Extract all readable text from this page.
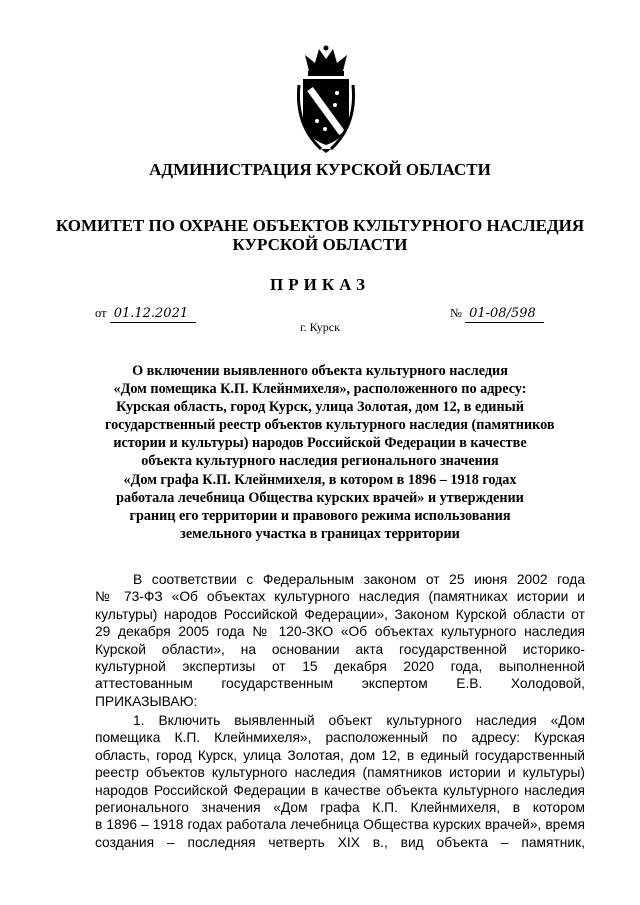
АДМИНИСТРАЦИЯ КУРСКОЙ ОБЛАСТИ
КОМИТЕТ ПО ОХРАНЕ ОБЪЕКТОВ КУЛЬТУРНОГО НАСЛЕДИЯ
КУРСКОЙ ОБЛАСТИ
ПРИКАЗ
от 01.12.2021	№ 01-08/598
г. Курск
О включении выявленного объекта культурного наследия
«Дом помещика К.П. Клейнмихеля», расположенного по адресу:
Курская область, город Курск, улица Золотая, дом 12, в единый
государственный реестр объектов культурного наследия (памятников
истории и культуры) народов Российской Федерации в качестве
объекта культурного наследия регионального значения
«Дом графа К.П. Клейнмихеля, в котором в 1896 – 1918 годах
работала лечебница Общества курских врачей» и утверждении
границ его территории и правового режима использования
земельного участка в границах территории
В соответствии с Федеральным законом от 25 июня 2002 года
№ 73-ФЗ «Об объектах культурного наследия (памятниках истории и
культуры) народов Российской Федерации», Законом Курской области от
29 декабря 2005 года № 120-ЗКО «Об объектах культурного наследия
Курской области», на основании акта государственной историко-
культурной экспертизы от 15 декабря 2020 года, выполненной
аттестованным государственным экспертом Е.В. Холодовой,
ПРИКАЗЫВАЮ:
1. Включить выявленный объект культурного наследия «Дом
помещика К.П. Клейнмихеля», расположенный по адресу: Курская
область, город Курск, улица Золотая, дом 12, в единый государственный
реестр объектов культурного наследия (памятников истории и культуры)
народов Российской Федерации в качестве объекта культурного наследия
регионального значения «Дом графа К.П. Клейнмихеля, в котором
в 1896 – 1918 годах работала лечебница Общества курских врачей», время
создания – последняя четверть XIX в., вид объекта – памятник,
